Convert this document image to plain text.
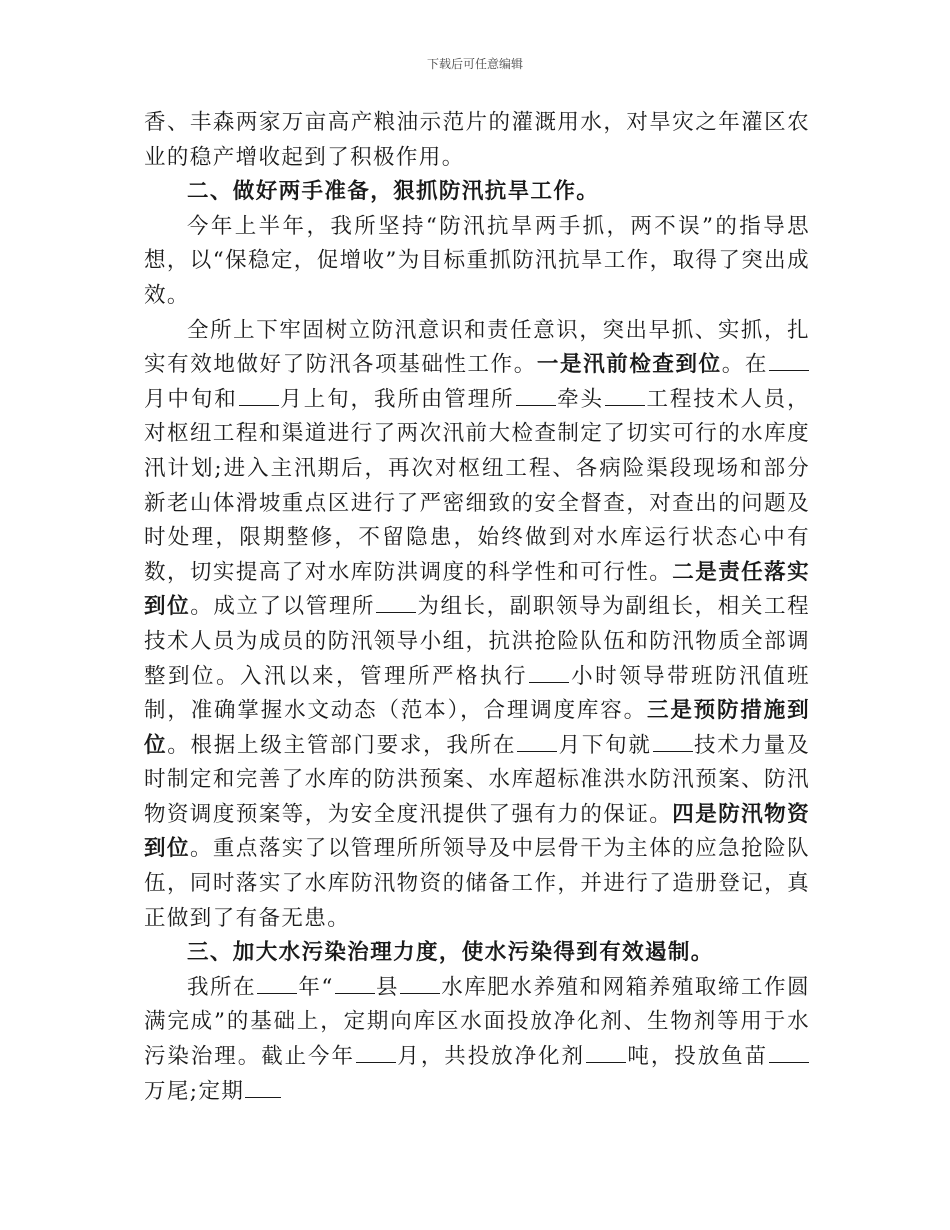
下载后可任意编辑

香、丰森两家万亩高产粮油示范片的灌溉用水，对旱灾之年灌区农业的稳产增收起到了积极作用。

二、做好两手准备，狠抓防汛抗旱工作。

今年上半年，我所坚持“防汛抗旱两手抓，两不误”的指导思想，以“保稳定，促增收”为目标重抓防汛抗旱工作，取得了突出成效。

全所上下牢固树立防汛意识和责任意识，突出早抓、实抓，扎实有效地做好了防汛各项基础性工作。一是汛前检查到位。在月中旬和 月上旬，我所由管理所 牵头 工程技术人员，对枢纽工程和渠道进行了两次汛前大检查制定了切实可行的水库度汛计划;进入主汛期后，再次对枢纽工程、各病险渠段现场和部分新老山体滑坡重点区进行了严密细致的安全督查，对查出的问题及时处理，限期整修，不留隐患，始终做到对水库运行状态心中有数，切实提高了对水库防洪调度的科学性和可行性。二是责任落实到位。成立了以管理所 为组长，副职领导为副组长，相关工程技术人员为成员的防汛领导小组，抗洪抢险队伍和防汛物质全部调整到位。入汛以来，管理所严格执行 小时领导带班防汛值班制，准确掌握水文动态（范本），合理调度库容。三是预防措施到位。根据上级主管部门要求，我所在 月下旬就 技术力量及时制定和完善了水库的防洪预案、水库超标准洪水防汛预案、防汛物资调度预案等，为安全度汛提供了强有力的保证。四是防汛物资到位。重点落实了以管理所所领导及中层骨干为主体的应急抢险队伍，同时落实了水库防汛物资的储备工作，并进行了造册登记，真正做到了有备无患。

三、加大水污染治理力度，使水污染得到有效遏制。

我所在 年“ 县 水库肥水养殖和网箱养殖取缔工作圆满完成”的基础上，定期向库区水面投放净化剂、生物剂等用于水污染治理。截止今年 月，共投放净化剂 吨，投放鱼苗万尾;定期
